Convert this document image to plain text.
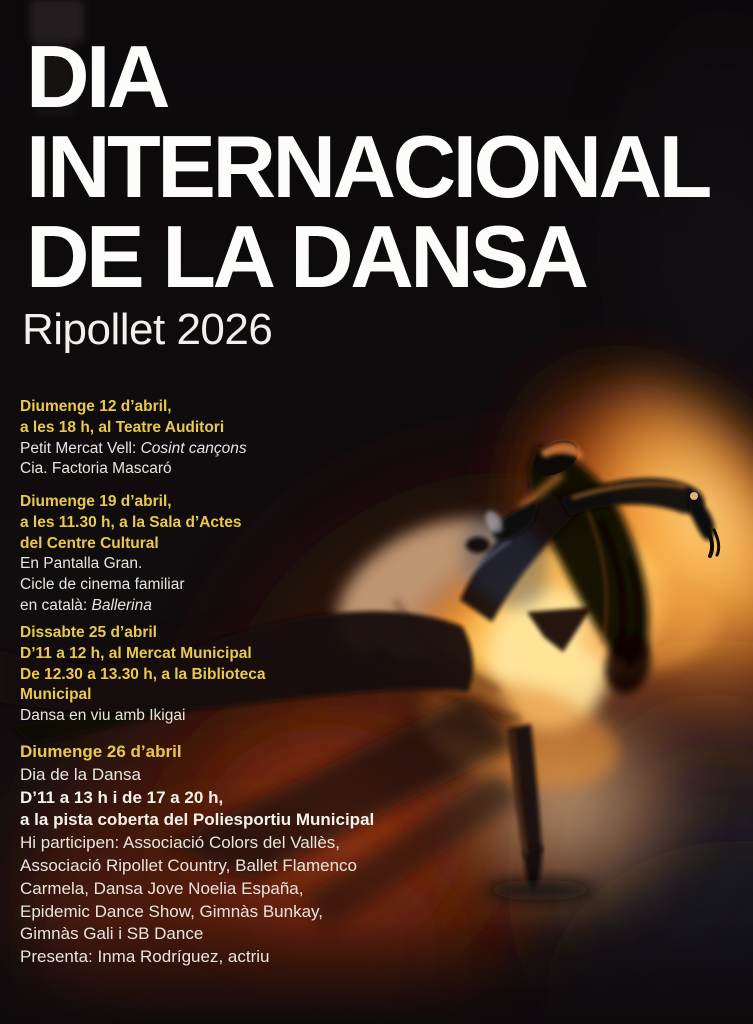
DIA
INTERNACIONAL
DE LA DANSA
Ripollet 2026
Diumenge 12 d’abril,
a les 18 h, al Teatre Auditori
Petit Mercat Vell: Cosint cançons
Cia. Factoria Mascaró
Diumenge 19 d’abril,
a les 11.30 h, a la Sala d’Actes
del Centre Cultural
En Pantalla Gran.
Cicle de cinema familiar
en català: Ballerina
Dissabte 25 d’abril
D’11 a 12 h, al Mercat Municipal
De 12.30 a 13.30 h, a la Biblioteca
Municipal
Dansa en viu amb Ikigai
Diumenge 26 d’abril
Dia de la Dansa
D’11 a 13 h i de 17 a 20 h,
a la pista coberta del Poliesportiu Municipal
Hi participen: Associació Colors del Vallès,
Associació Ripollet Country, Ballet Flamenco
Carmela, Dansa Jove Noelia España,
Epidemic Dance Show, Gimnàs Bunkay,
Gimnàs Gali i SB Dance
Presenta: Inma Rodríguez, actriu
